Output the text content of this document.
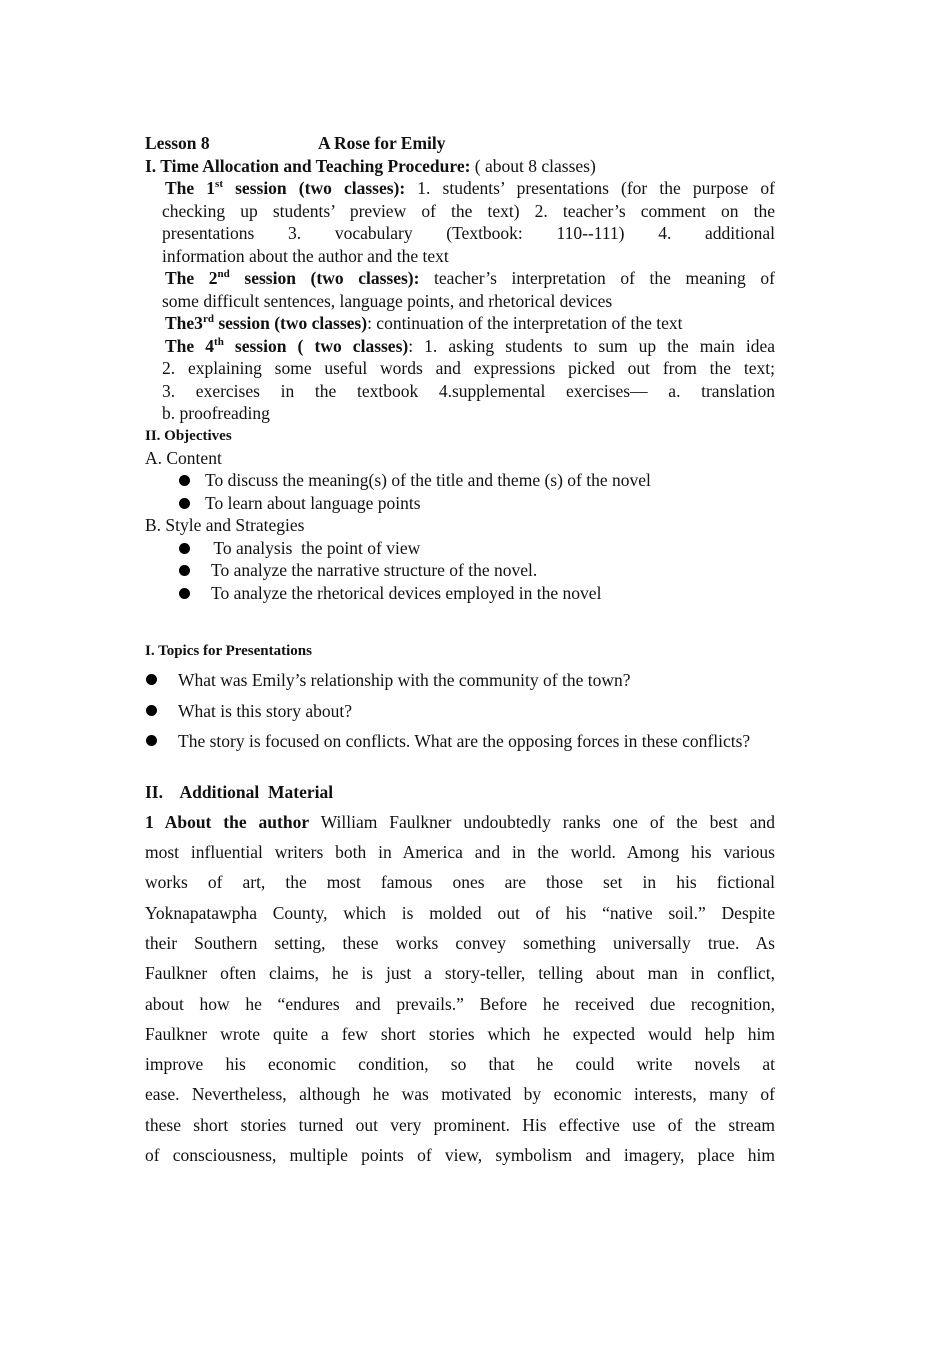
Lesson 8	A Rose for Emily
I. Time Allocation and Teaching Procedure: ( about 8 classes)
The 1st session (two classes): 1. students’ presentations (for the purpose of
checking up students’ preview of the text) 2. teacher’s comment on the
presentations 3. vocabulary (Textbook: 110--111) 4. additional
information about the author and the text
The 2nd session (two classes): teacher’s interpretation of the meaning of
some difficult sentences, language points, and rhetorical devices
The3rd session (two classes): continuation of the interpretation of the text
The 4th session ( two classes): 1. asking students to sum up the main idea
2. explaining some useful words and expressions picked out from the text;
3. exercises in the textbook 4.supplemental exercises— a. translation
b. proofreading
II. Objectives
A. Content
To discuss the meaning(s) of the title and theme (s) of the novel
To learn about language points
B. Style and Strategies
To analysis  the point of view
To analyze the narrative structure of the novel.
To analyze the rhetorical devices employed in the novel
I. Topics for Presentations
What was Emily’s relationship with the community of the town?
What is this story about?
The story is focused on conflicts. What are the opposing forces in these conflicts?
II.    Additional  Material
1 About the author William Faulkner undoubtedly ranks one of the best and
most influential writers both in America and in the world. Among his various
works of art, the most famous ones are those set in his fictional
Yoknapatawpha County, which is molded out of his “native soil.” Despite
their Southern setting, these works convey something universally true. As
Faulkner often claims, he is just a story-teller, telling about man in conflict,
about how he “endures and prevails.” Before he received due recognition,
Faulkner wrote quite a few short stories which he expected would help him
improve his economic condition, so that he could write novels at
ease. Nevertheless, although he was motivated by economic interests, many of
these short stories turned out very prominent. His effective use of the stream
of consciousness, multiple points of view, symbolism and imagery, place him
